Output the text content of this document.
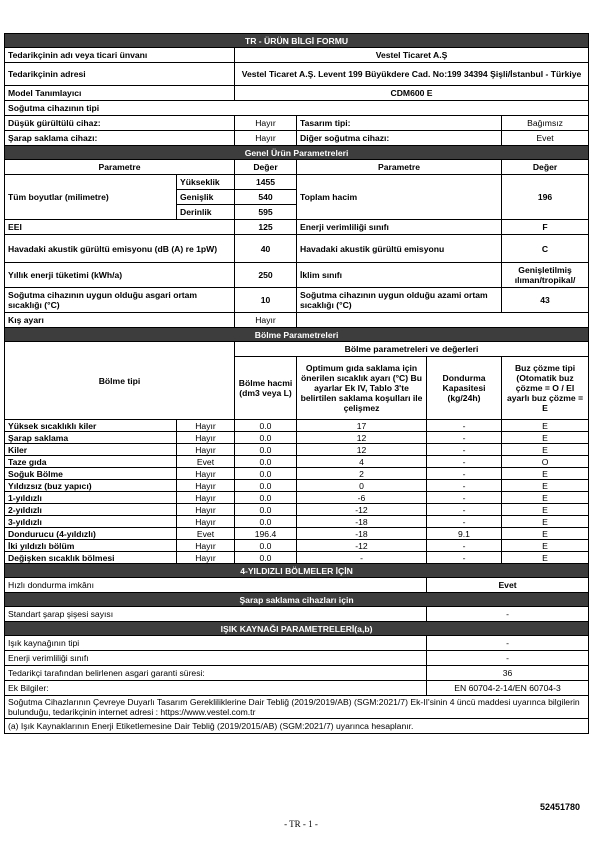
TR - ÜRÜN BİLGİ FORMU					
Tedarikçinin adı veya ticari ünvanı		Vestel Ticaret A.Ş			
Tedarikçinin adresi		Vestel Ticaret A.Ş. Levent 199 Büyükdere Cad. No:199 34394 Şişli/İstanbul - Türkiye			
Model Tanımlayıcı		CDM600 E			
Soğutma cihazının tipi					
Düşük gürültülü cihaz:		Hayır	Tasarım tipi:		Bağımsız
Şarap saklama cihazı:		Hayır	Diğer soğutma cihazı:		Evet
Genel Ürün Parametreleri					
Parametre		Değer	Parametre		Değer
Tüm boyutlar (milimetre)	Yükseklik	1455	Toplam hacim		196
	Genişlik	540			
	Derinlik	595			
EEI		125	Enerji verimliliği sınıfı		F
Havadaki akustik gürültü emisyonu (dB (A) re 1pW)		40	Havadaki akustik gürültü emisyonu		C
Yıllık enerji tüketimi (kWh/a)		250	İklim sınıfı		Genişletilmiş ılıman/tropikal/
Soğutma cihazının uygun olduğu asgari ortam sıcaklığı (°C)		10	Soğutma cihazının uygun olduğu azami ortam sıcaklığı (°C)		43
Kış ayarı		Hayır			
Bölme Parametreleri					
Bölme tipi		Bölme parametreleri ve değerleri			
		Bölme hacmi (dm3 veya L)	Optimum gıda saklama için önerilen sıcaklık ayarı (°C) Bu ayarlar Ek IV, Tablo 3'te belirtilen saklama koşulları ile çelişmez	Dondurma Kapasitesi (kg/24h)	Buz çözme tipi (Otomatik buz çözme = O / El ayarlı buz çözme = E
Yüksek sıcaklıklı kiler	Hayır	0.0	17	-	E
Şarap saklama	Hayır	0.0	12	-	E
Kiler	Hayır	0.0	12	-	E
Taze gıda	Evet	0.0	4	-	O
Soğuk Bölme	Hayır	0.0	2	-	E
Yıldızsız (buz yapıcı)	Hayır	0.0	0	-	E
1-yıldızlı	Hayır	0.0	-6	-	E
2-yıldızlı	Hayır	0.0	-12	-	E
3-yıldızlı	Hayır	0.0	-18	-	E
Dondurucu (4-yıldızlı)	Evet	196.4	-18	9.1	E
İki yıldızlı bölüm	Hayır	0.0	-12	-	E
Değişken sıcaklık bölmesi	Hayır	0.0	-	-	E
4-YILDIZLI BÖLMELER İÇİN					
Hızlı dondurma imkânı				Evet	
Şarap saklama cihazları için					
Standart şarap şişesi sayısı				-	
IŞIK KAYNAĞI PARAMETRELERİ(a,b)					
Işık kaynağının tipi				-	
Enerji verimliliği sınıfı				-	
Tedarikçi tarafından belirlenen asgari garanti süresi:				36	
Ek Bilgiler:				EN 60704-2-14/EN 60704-3	
Soğutma Cihazlarının Çevreye Duyarlı Tasarım Gerekliliklerine Dair Tebliğ (2019/2019/AB) (SGM:2021/7) Ek-II'sinin 4 üncü maddesi uyarınca bilgilerin bulunduğu, tedarikçinin internet adresi : https://www.vestel.com.tr					
(a) Işık Kaynaklarının Enerji Etiketlemesine Dair Tebliğ (2019/2015/AB) (SGM:2021/7) uyarınca hesaplanır.					
52451780
- TR - 1 -
